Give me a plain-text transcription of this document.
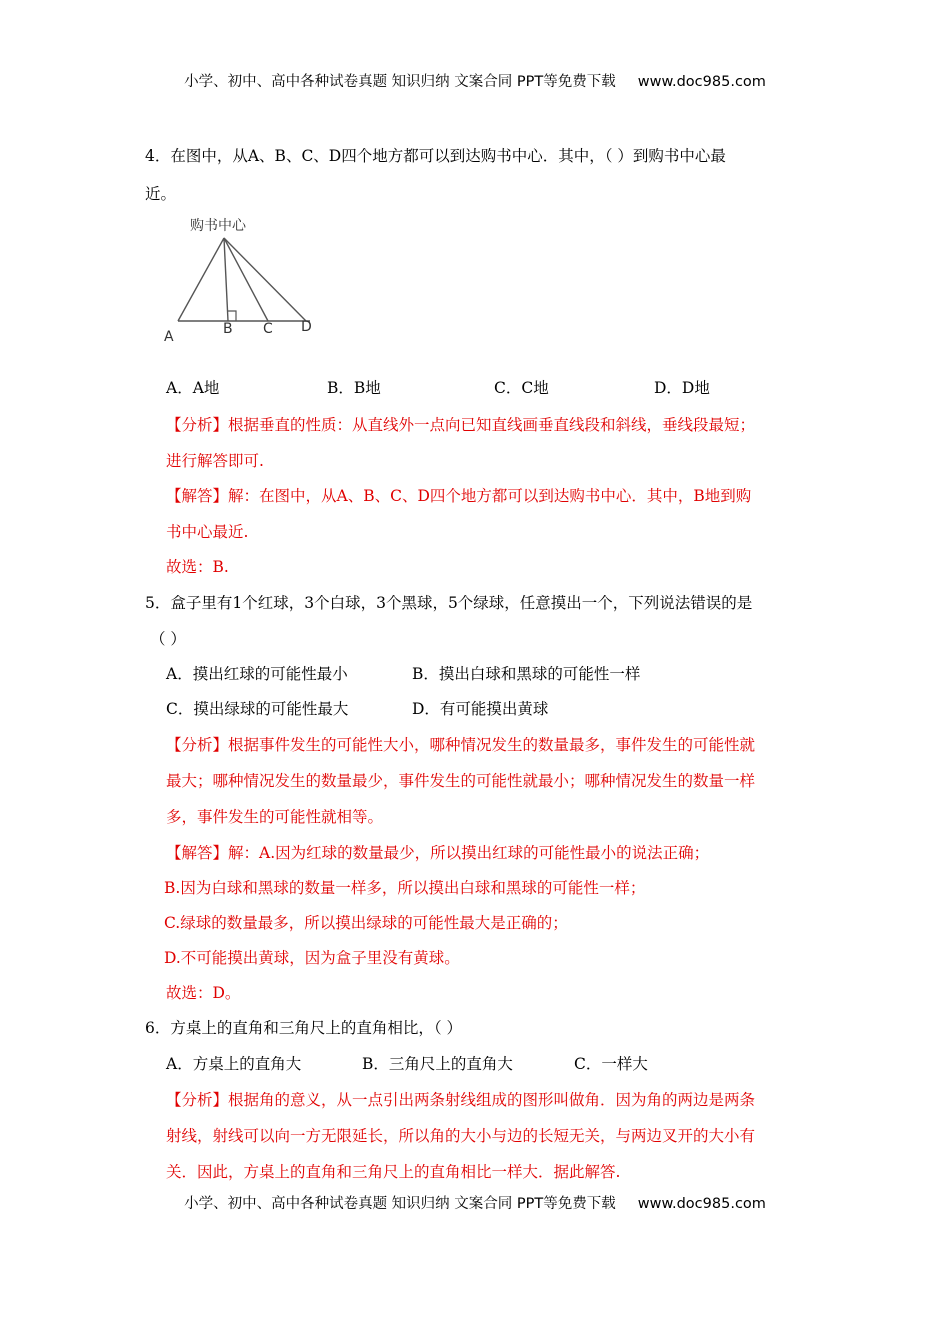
小学、初中、高中各种试卷真题 知识归纳 文案合同 PPT等免费下载 www.doc985.com
4．在图中，从A、B、C、D四个地方都可以到达购书中心．其中，（ ）到购书中心最
近。
购书中心
A	B C D
A．A地	B．B地	C．C地	D．D地
【分析】根据垂直的性质：从直线外一点向已知直线画垂直线段和斜线，垂线段最短；
进行解答即可.
【解答】解：在图中，从A、B、C、D四个地方都可以到达购书中心．其中，B地到购
书中心最近.
故选：B.
5．盒子里有1个红球，3个白球，3个黑球，5个绿球，任意摸出一个，下列说法错误的是
（ ）
A．摸出红球的可能性最小	B．摸出白球和黑球的可能性一样
C．摸出绿球的可能性最大	D．有可能摸出黄球
【分析】根据事件发生的可能性大小，哪种情况发生的数量最多，事件发生的可能性就
最大；哪种情况发生的数量最少，事件发生的可能性就最小；哪种情况发生的数量一样
多，事件发生的可能性就相等。
【解答】解：A.因为红球的数量最少，所以摸出红球的可能性最小的说法正确；
B.因为白球和黑球的数量一样多，所以摸出白球和黑球的可能性一样；
C.绿球的数量最多，所以摸出绿球的可能性最大是正确的；
D.不可能摸出黄球，因为盒子里没有黄球。
故选：D。
6．方桌上的直角和三角尺上的直角相比，（ ）
A．方桌上的直角大	B．三角尺上的直角大	C．一样大
【分析】根据角的意义，从一点引出两条射线组成的图形叫做角．因为角的两边是两条
射线，射线可以向一方无限延长，所以角的大小与边的长短无关，与两边叉开的大小有
关．因此，方桌上的直角和三角尺上的直角相比一样大．据此解答.
小学、初中、高中各种试卷真题 知识归纳 文案合同 PPT等免费下载 www.doc985.com
